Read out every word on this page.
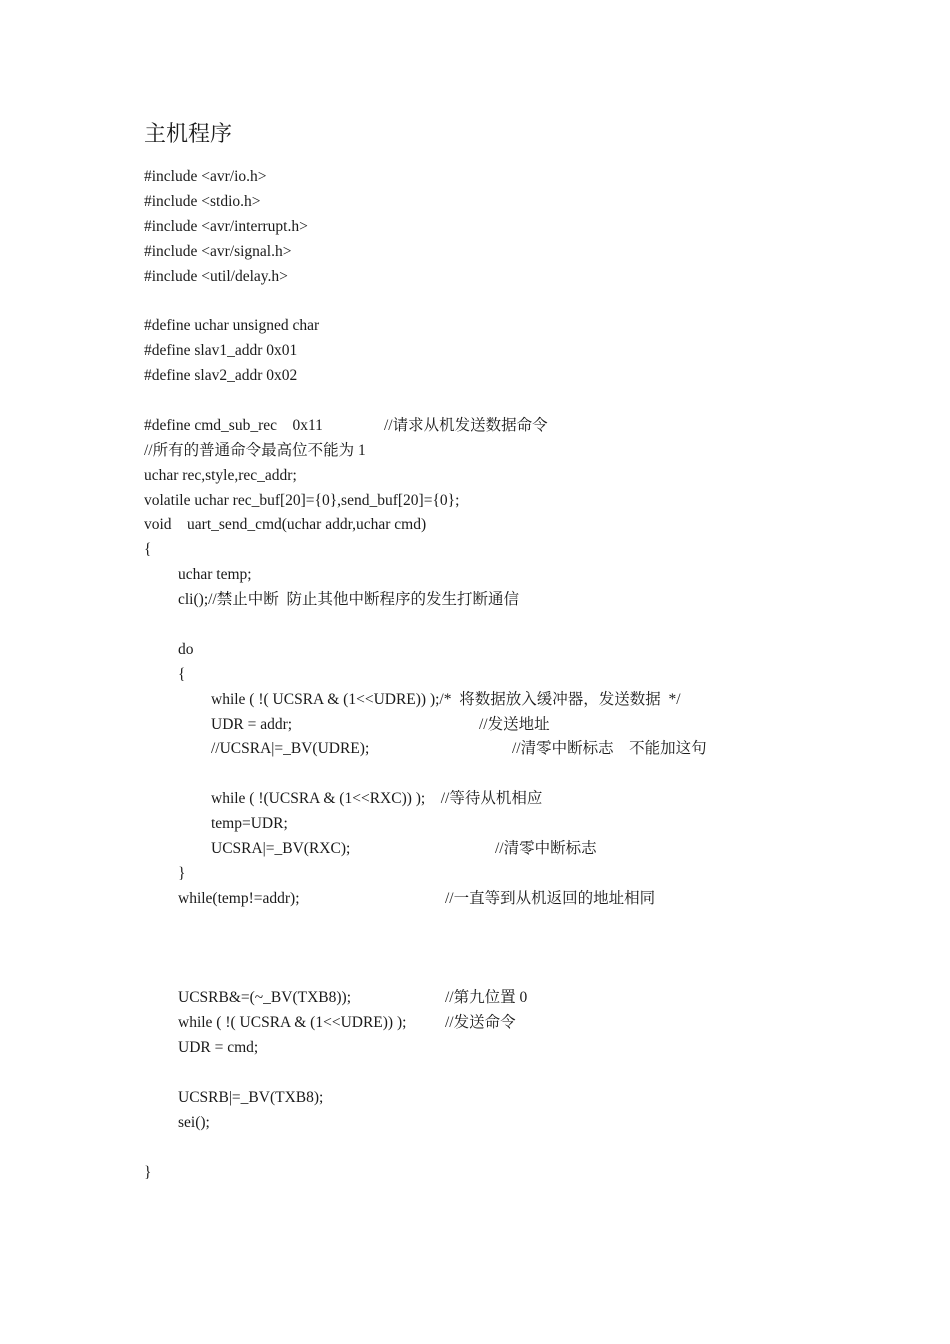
主机程序
#include <avr/io.h>
#include <stdio.h>
#include <avr/interrupt.h>
#include <avr/signal.h>
#include <util/delay.h>
#define uchar unsigned char
#define slav1_addr 0x01
#define slav2_addr 0x02
#define cmd_sub_rec    0x11	//请求从机发送数据命令
//所有的普通命令最高位不能为 1
uchar rec,style,rec_addr;
volatile uchar rec_buf[20]={0},send_buf[20]={0};
void    uart_send_cmd(uchar addr,uchar cmd)
{
uchar temp;
cli();//禁止中断  防止其他中断程序的发生打断通信
do
{
while ( !( UCSRA & (1<<UDRE)) );/*  将数据放入缓冲器，发送数据  */
UDR = addr;	//发送地址
//UCSRA|=_BV(UDRE);	//清零中断标志    不能加这句
while ( !(UCSRA & (1<<RXC)) );    //等待从机相应
temp=UDR;
UCSRA|=_BV(RXC);	//清零中断标志
}
while(temp!=addr);	//一直等到从机返回的地址相同
UCSRB&=(~_BV(TXB8));	//第九位置 0
while ( !( UCSRA & (1<<UDRE)) ); //发送命令
UDR = cmd;
UCSRB|=_BV(TXB8);
sei();
}
